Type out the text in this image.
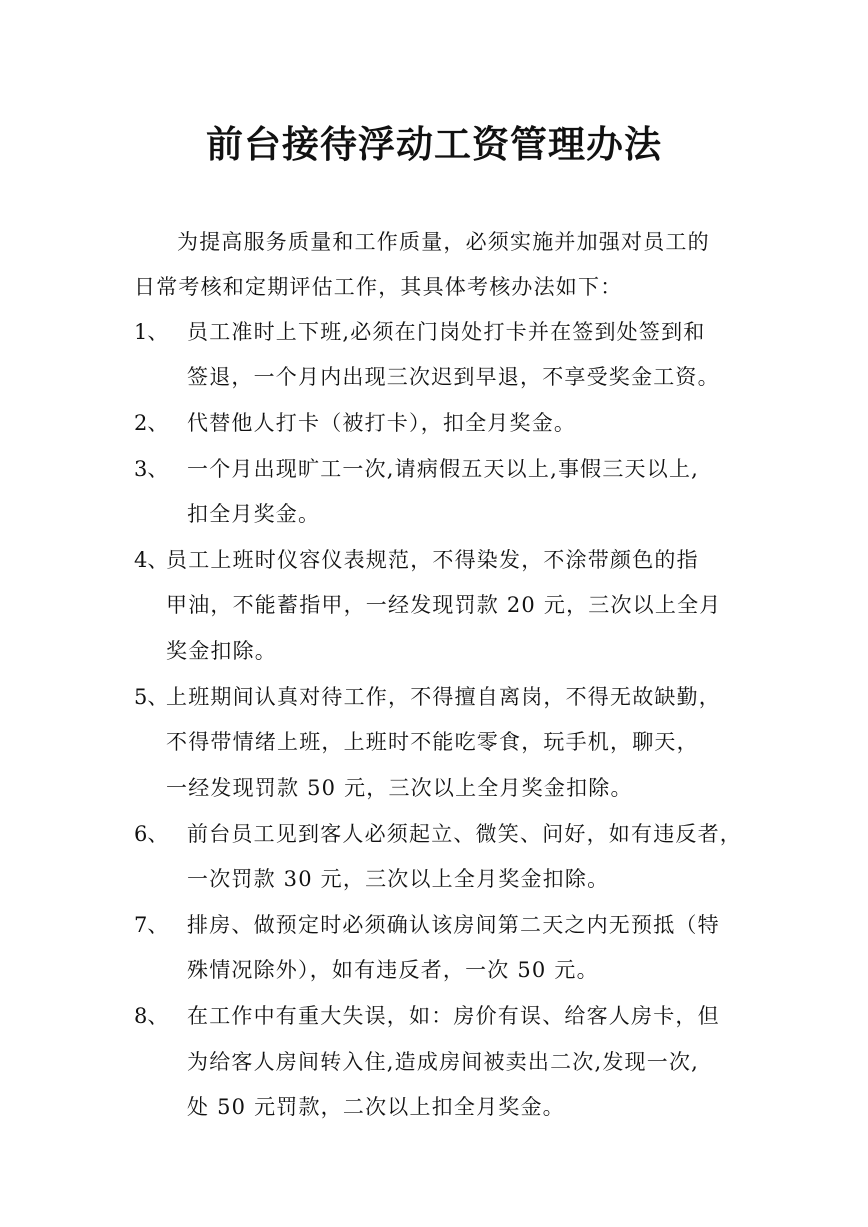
前台接待浮动工资管理办法
为提高服务质量和工作质量，必须实施并加强对员工的
日常考核和定期评估工作，其具体考核办法如下：
1、 员工准时上下班,必须在门岗处打卡并在签到处签到和
签退，一个月内出现三次迟到早退，不享受奖金工资。
2、 代替他人打卡（被打卡），扣全月奖金。
3、 一个月出现旷工一次,请病假五天以上,事假三天以上,
扣全月奖金。
4、
员工上班时仪容仪表规范，不得染发，不涂带颜色的指
甲油，不能蓄指甲，一经发现罚款 20 元，三次以上全月
奖金扣除。
5、
上班期间认真对待工作，不得擅自离岗，不得无故缺勤，
不得带情绪上班，上班时不能吃零食，玩手机，聊天，
一经发现罚款 50 元，三次以上全月奖金扣除。
6、 前台员工见到客人必须起立、微笑、问好，如有违反者，
一次罚款 30 元，三次以上全月奖金扣除。
7、 排房、做预定时必须确认该房间第二天之内无预抵（特
殊情况除外），如有违反者，一次 50 元。
8、 在工作中有重大失误，如：房价有误、给客人房卡，但
为给客人房间转入住,造成房间被卖出二次,发现一次,
处 50 元罚款，二次以上扣全月奖金。
